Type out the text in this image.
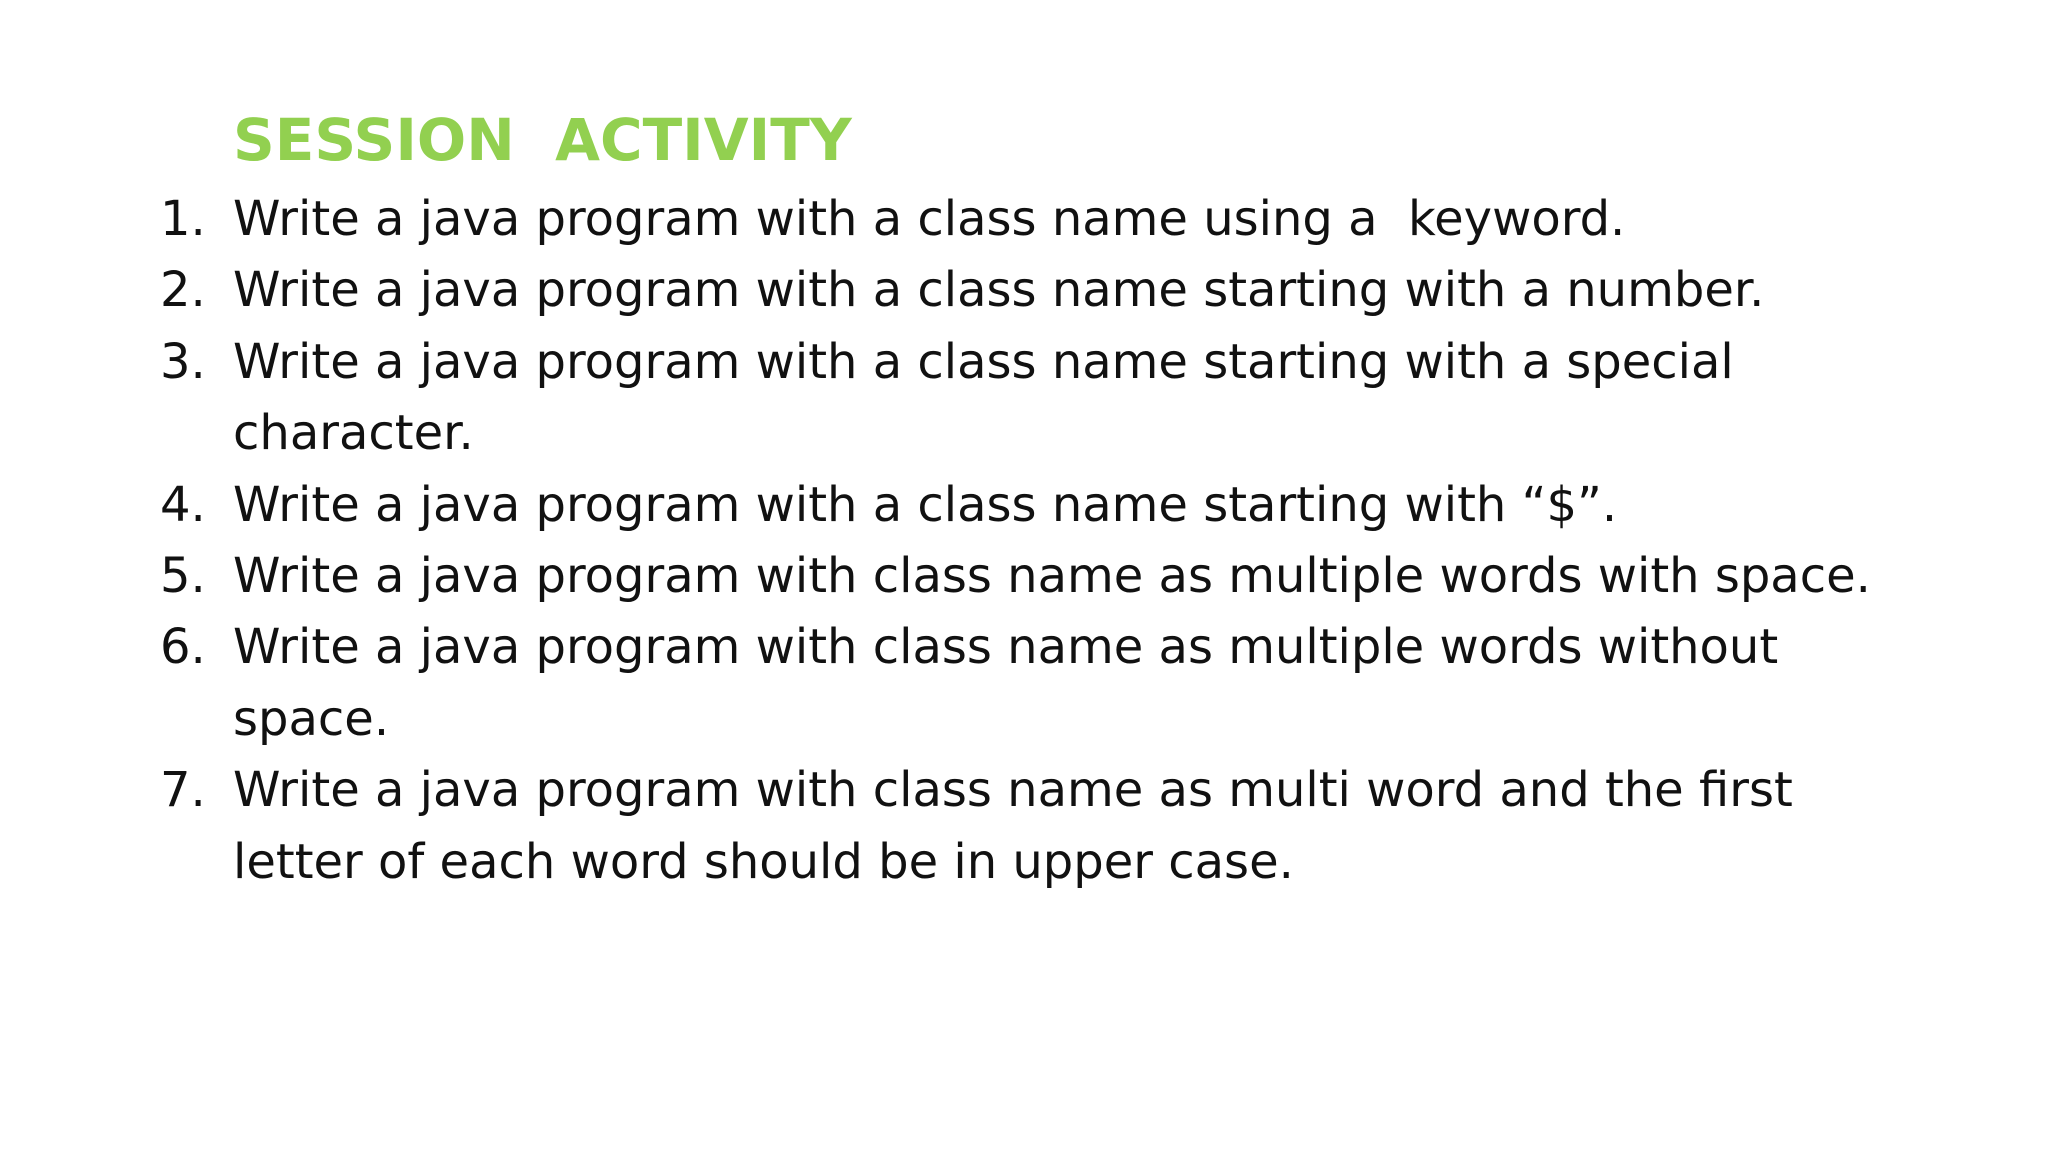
SESSION  ACTIVITY
1. Write a java program with a class name using a  keyword.
2. Write a java program with a class name starting with a number.
3. Write a java program with a class name starting with a special
character.
4. Write a java program with a class name starting with “$”.
5. Write a java program with class name as multiple words with space.
6. Write a java program with class name as multiple words without
space.
7. Write a java program with class name as multi word and the first
letter of each word should be in upper case.
